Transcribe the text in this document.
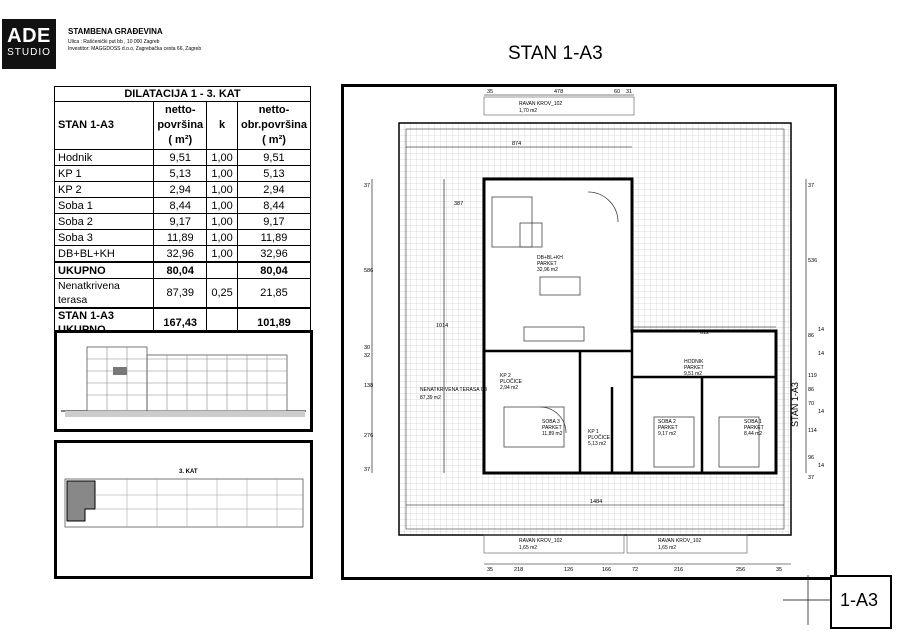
ADE
STUDIO
STAMBENA GRAĐEVINA
Ulica : Rašćenički put bb , 10 000 Zagreb
Investitor: MAGGDOSS d.o.o, Zagrebačka cesta 66, Zagreb	STAN 1-A3
DILATACIJA 1 - 3. KAT			
STAN 1-A3	netto-
površina
( m²)	k	netto-
obr.površina
( m²)
Hodnik	9,51	1,00	9,51
KP 1	5,13	1,00	5,13
KP 2	2,94	1,00	2,94
Soba 1	8,44	1,00	8,44
Soba 2	9,17	1,00	9,17
Soba 3	11,89	1,00	11,89
DB+BL+KH	32,96	1,00	32,96
UKUPNO	80,04		80,04
Nenatkrivena terasa	87,39	0,25	21,85
STAN 1-A3	167,43		101,89
3. KAT
DB+BL+KH
PARKET
32,96 m2
KP 2
PLOČICE
2,94 m2
SOBA 3
PARKET
11,89 m2	KP 1
PLOČICE
5,13 m2
HODNIK
PARKET
9,51 m2
SOBA 2
PARKET
9,17 m2
SOBA 1
PARKET
8,44 m2
NENATKRIVENA TERASA C3
87,39 m2
RAVAN KROV_102
1,70 m2
RAVAN KROV_102
1,65 m2
RAVAN KROV_102
1,65 m2
35	478	60 31
874
387
612
1484
35	218	126	166	72	216	256	35
37
586
30
32
138
276
37
1014
37
536
86
14
14
119
86
70
14
114
96
14
37
STAN 1-A3
1-A3
